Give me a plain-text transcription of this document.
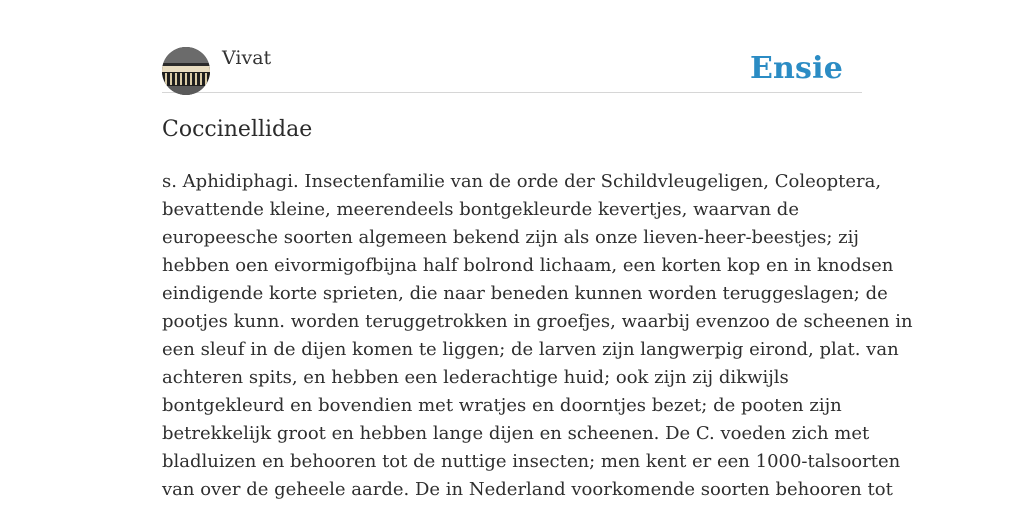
Vivat	Ensie
Coccinellidae
s. Aphidiphagi. Insectenfamilie van de orde der Schildvleugeligen, Coleoptera,
bevattende kleine, meerendeels bontgekleurde kevertjes, waarvan de
europeesche soorten algemeen bekend zijn als onze lieven-heer-beestjes; zij
hebben oen eivormigofbijna half bolrond lichaam, een korten kop en in knodsen
eindigende korte sprieten, die naar beneden kunnen worden teruggeslagen; de
pootjes kunn. worden teruggetrokken in groefjes, waarbij evenzoo de scheenen in
een sleuf in de dijen komen te liggen; de larven zijn langwerpig eirond, plat. van
achteren spits, en hebben een lederachtige huid; ook zijn zij dikwijls
bontgekleurd en bovendien met wratjes en doorntjes bezet; de pooten zijn
betrekkelijk groot en hebben lange dijen en scheenen. De C. voeden zich met
bladluizen en behooren tot de nuttige insecten; men kent er een 1000-talsoorten
van over de geheele aarde. De in Nederland voorkomende soorten behooren tot
